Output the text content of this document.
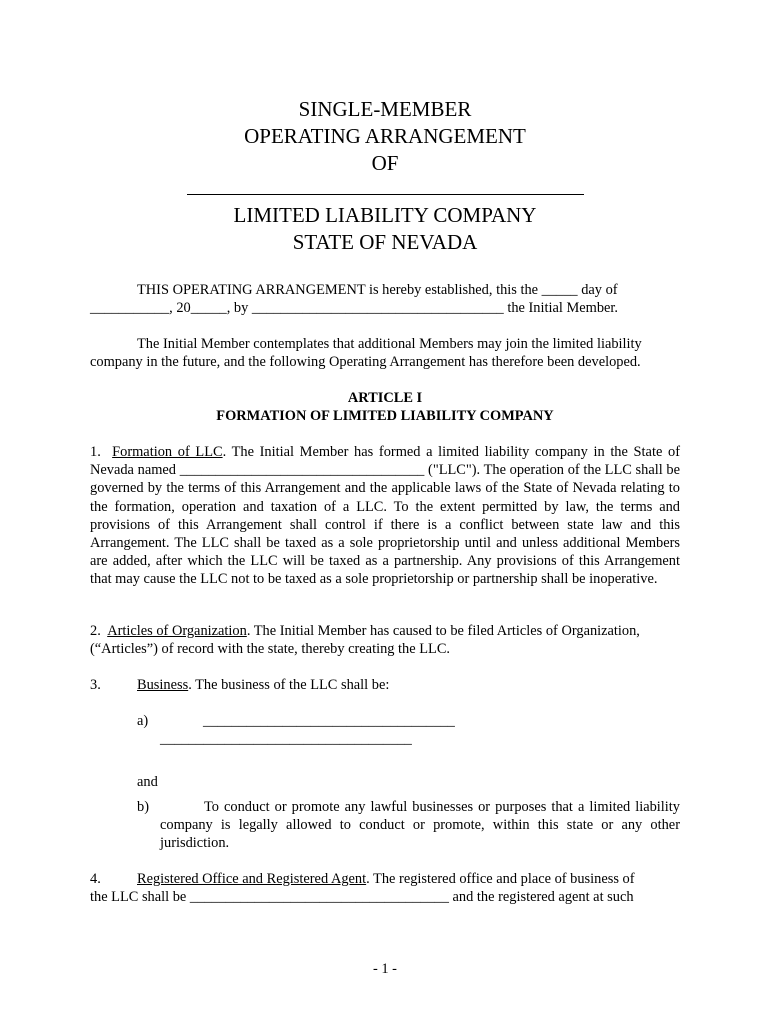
SINGLE-MEMBER
OPERATING ARRANGEMENT
OF
LIMITED LIABILITY COMPANY
STATE OF NEVADA
THIS OPERATING ARRANGEMENT is hereby established, this the _____ day of
___________, 20_____, by ___________________________________ the Initial Member.
The Initial Member contemplates that additional Members may join the limited liability
company in the future, and the following Operating Arrangement has therefore been developed.
ARTICLE I
FORMATION OF LIMITED LIABILITY COMPANY
1. Formation of LLC. The Initial Member has formed a limited liability company in the State of Nevada named __________________________________ ("LLC"). The operation of the LLC shall be governed by the terms of this Arrangement and the applicable laws of the State of Nevada relating to the formation, operation and taxation of a LLC. To the extent permitted by law, the terms and provisions of this Arrangement shall control if there is a conflict between state law and this Arrangement. The LLC shall be taxed as a sole proprietorship until and unless additional Members are added, after which the LLC will be taxed as a partnership. Any provisions of this Arrangement that may cause the LLC not to be taxed as a sole proprietorship or partnership shall be inoperative.
2. Articles of Organization. The Initial Member has caused to be filed Articles of Organization,
(“Articles”) of record with the state, thereby creating the LLC.
3.	Business. The business of the LLC shall be:
a)	___________________________________
___________________________________
and
b)	To conduct or promote any lawful businesses or purposes that a limited liability company is legally allowed to conduct or promote, within this state or any other jurisdiction.
4.	Registered Office and Registered Agent. The registered office and place of business of
the LLC shall be ____________________________________ and the registered agent at such
- 1 -
